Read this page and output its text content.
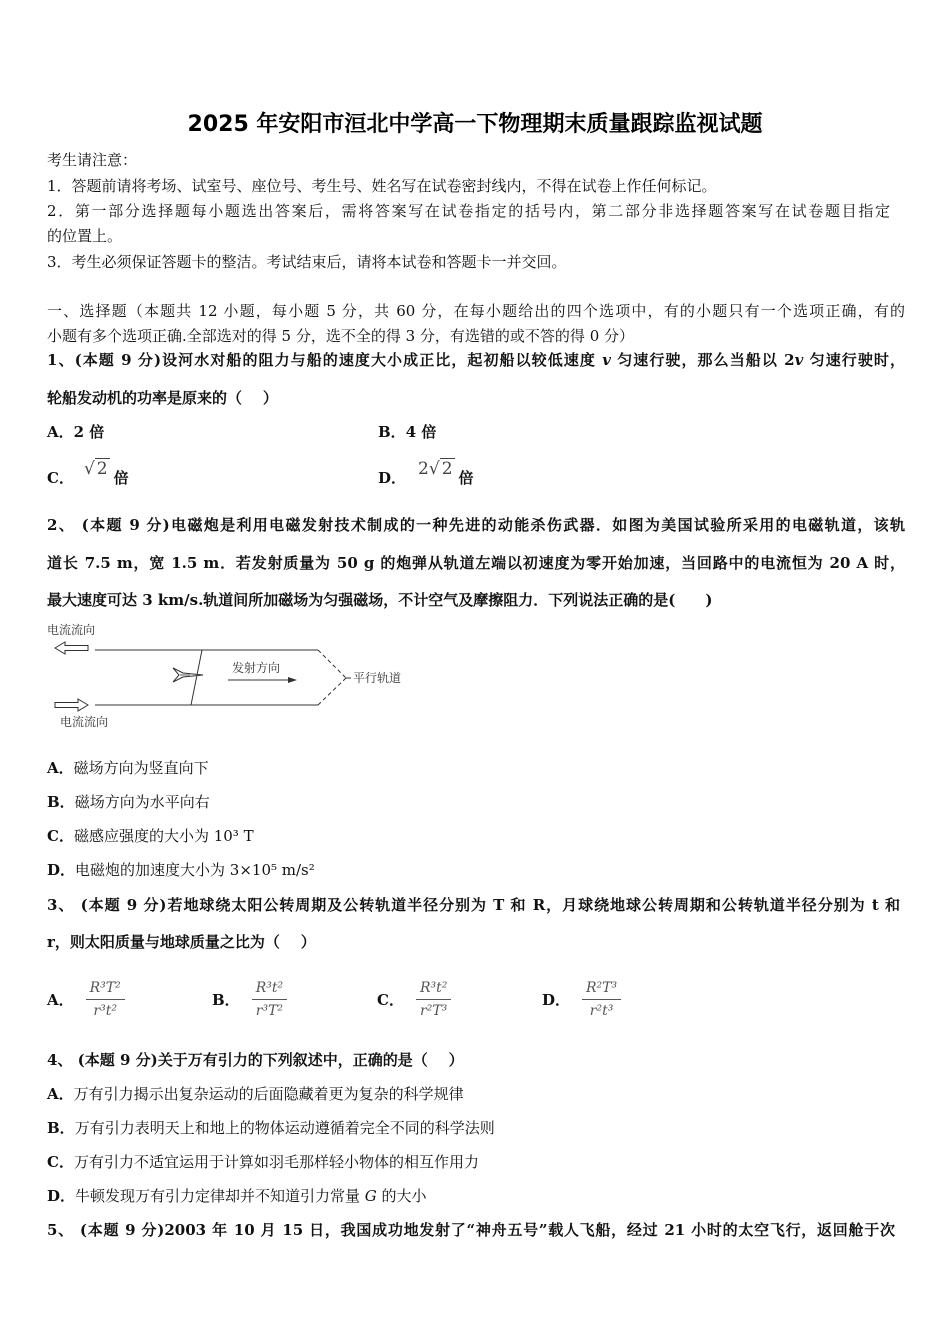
2025 年安阳市洹北中学高一下物理期末质量跟踪监视试题
考生请注意：
1．答题前请将考场、试室号、座位号、考生号、姓名写在试卷密封线内，不得在试卷上作任何标记。
2．第一部分选择题每小题选出答案后，需将答案写在试卷指定的括号内，第二部分非选择题答案写在试卷题目指定
的位置上。
3．考生必须保证答题卡的整洁。考试结束后，请将本试卷和答题卡一并交回。
一、选择题（本题共 12 小题，每小题 5 分，共 60 分，在每小题给出的四个选项中，有的小题只有一个选项正确，有的
小题有多个选项正确.全部选对的得 5 分，选不全的得 3 分，有选错的或不答的得 0 分）
1、(本题 9 分)设河水对船的阻力与船的速度大小成正比，起初船以较低速度 v 匀速行驶，那么当船以 2v 匀速行驶时，
轮船发动机的功率是原来的（    ）
A．2 倍	B．4 倍
C． √ 2 倍	D． 2 √ 2 倍
2、 (本题 9 分)电磁炮是利用电磁发射技术制成的一种先进的动能杀伤武器．如图为美国试验所采用的电磁轨道，该轨
道长 7.5 m，宽 1.5 m．若发射质量为 50 g 的炮弹从轨道左端以初速度为零开始加速，当回路中的电流恒为 20 A 时，
最大速度可达 3 km/s.轨道间所加磁场为匀强磁场，不计空气及摩擦阻力．下列说法正确的是(　　)
电流流向
电流流向
发射方向
平行轨道
A．磁场方向为竖直向下
B．磁场方向为水平向右
C．磁感应强度的大小为 10³ T
D．电磁炮的加速度大小为 3×10⁵ m/s²
3、 (本题 9 分)若地球绕太阳公转周期及公转轨道半径分别为 T 和 R，月球绕地球公转周期和公转轨道半径分别为 t 和
r，则太阳质量与地球质量之比为（    ）
A． $\frac{\text{R³T²}}{\text{r³t²}}$	B． $\frac{\text{R³t²}}{\text{r³T²}}$	C． $\frac{\text{R³t²}}{\text{r²T³}}$	D． $\frac{\text{R²T³}}{\text{r²t³}}$
4、 (本题 9 分)关于万有引力的下列叙述中，正确的是（    ）
A．万有引力揭示出复杂运动的后面隐藏着更为复杂的科学规律
B．万有引力表明天上和地上的物体运动遵循着完全不同的科学法则
C．万有引力不适宜运用于计算如羽毛那样轻小物体的相互作用力
D．牛顿发现万有引力定律却并不知道引力常量 G 的大小
5、 (本题 9 分)2003 年 10 月 15 日，我国成功地发射了“神舟五号”载人飞船，经过 21 小时的太空飞行，返回舱于次
